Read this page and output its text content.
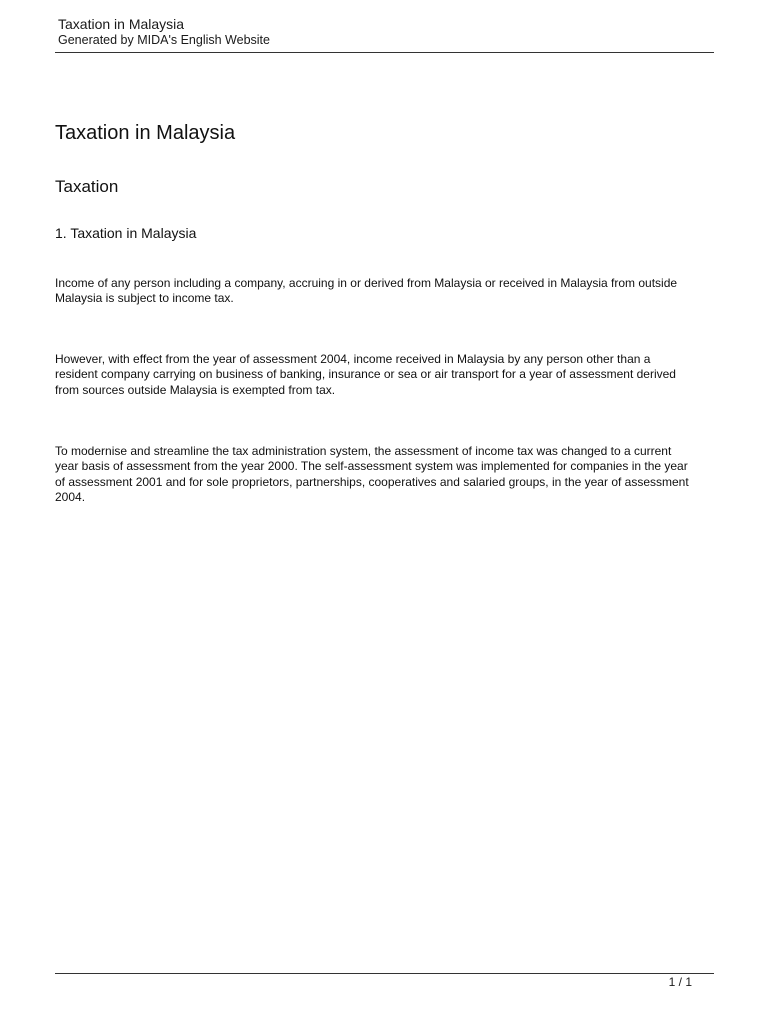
Taxation in Malaysia
Generated by MIDA's English Website
Taxation in Malaysia
Taxation
1. Taxation in Malaysia

Income of any person including a company, accruing in or derived from Malaysia or received in Malaysia from outside Malaysia is subject to income tax.

However, with effect from the year of assessment 2004, income received in Malaysia by any person other than a resident company carrying on business of banking, insurance or sea or air transport for a year of assessment derived from sources outside Malaysia is exempted from tax.

To modernise and streamline the tax administration system, the assessment of income tax was changed to a current year basis of assessment from the year 2000. The self-assessment system was implemented for companies in the year of assessment 2001 and for sole proprietors, partnerships, cooperatives and salaried groups, in the year of assessment 2004.

1 / 1
